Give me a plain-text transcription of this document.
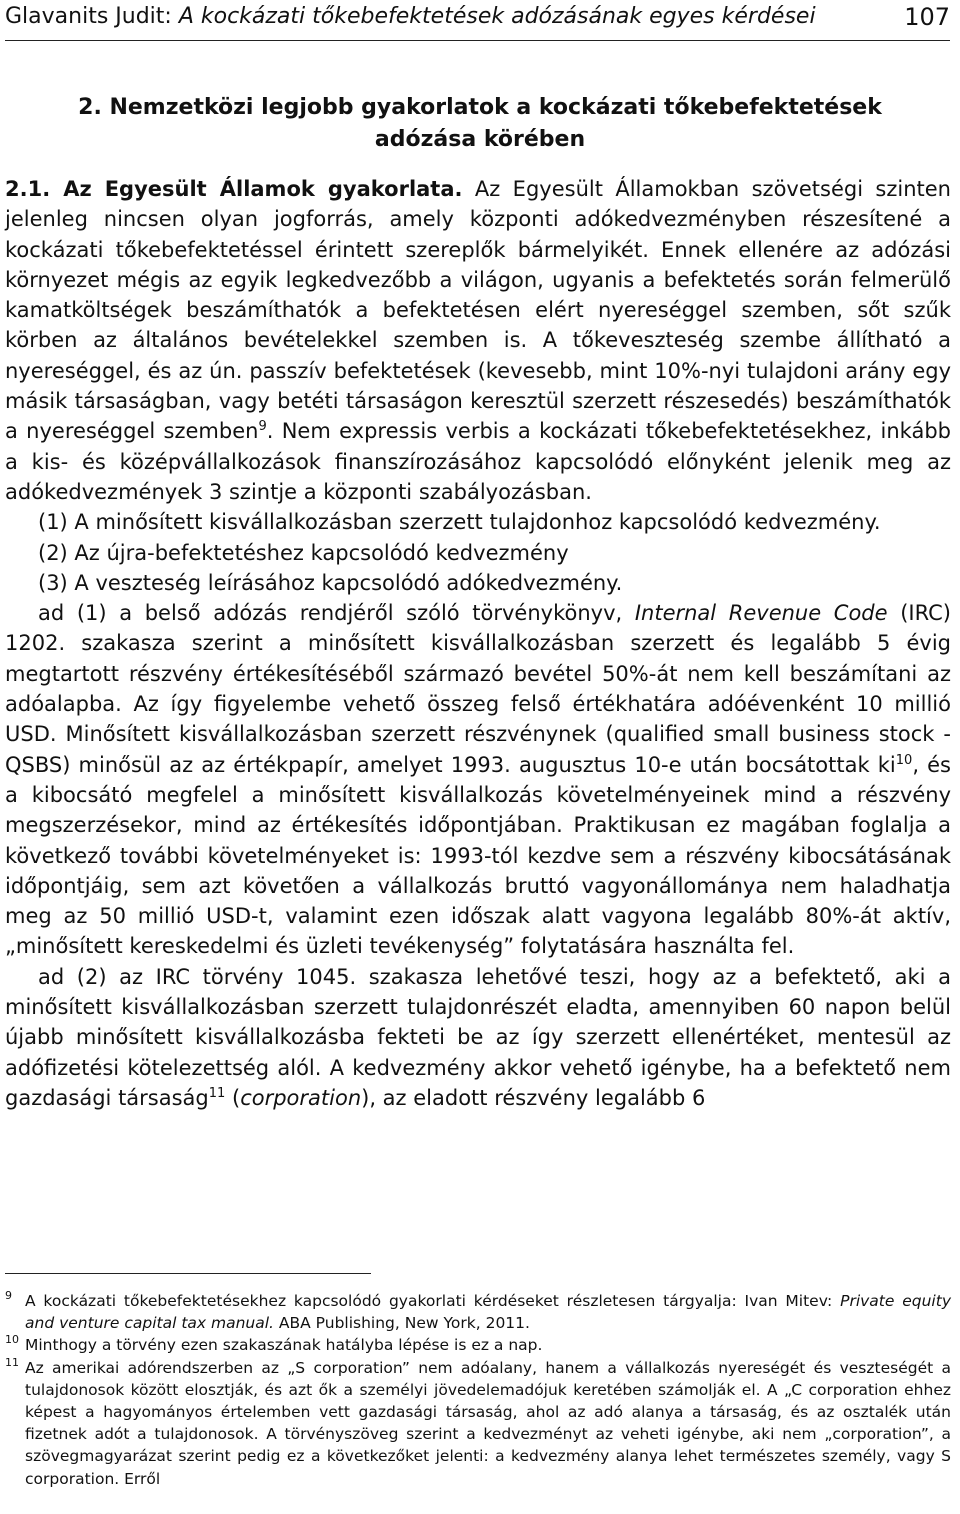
Glavanits Judit: A kockázati tőkebefektetések adózásának egyes kérdései	107
2. Nemzetközi legjobb gyakorlatok a kockázati tőkebefektetések
adózása körében

2.1. Az Egyesült Államok gyakorlata. Az Egyesült Államokban szövetségi szinten jelenleg nincsen olyan jogforrás, amely központi adókedvezményben részesítené a kockázati tőkebefektetéssel érintett szereplők bármelyikét. Ennek ellenére az adózási környezet mégis az egyik legkedvezőbb a világon, ugyanis a befektetés során felmerülő kamatköltségek beszámíthatók a befektetésen elért nyereséggel szemben, sőt szűk körben az általános bevételekkel szemben is. A tőkeveszteség szembe állítható a nyereséggel, és az ún. passzív befektetések (kevesebb, mint 10%-nyi tulajdoni arány egy másik társaságban, vagy betéti társaságon keresztül szerzett részesedés) beszámíthatók a nyereséggel szemben$^9$. Nem expressis verbis a kockázati tőkebefektetésekhez, inkább a kis- és középvállalkozások finanszírozásához kapcsolódó előnyként jelenik meg az adókedvezmények 3 szintje a központi szabályozásban.

(1) A minősített kisvállalkozásban szerzett tulajdonhoz kapcsolódó kedvezmény.

(2) Az újra-befektetéshez kapcsolódó kedvezmény

(3) A veszteség leírásához kapcsolódó adókedvezmény.

ad (1) a belső adózás rendjéről szóló törvénykönyv, Internal Revenue Code (IRC) 1202. szakasza szerint a minősített kisvállalkozásban szerzett és legalább 5 évig megtartott részvény értékesítéséből származó bevétel 50%-át nem kell beszámítani az adóalapba. Az így figyelembe vehető összeg felső értékhatára adóévenként 10 millió USD. Minősített kisvállalkozásban szerzett részvénynek (qualified small business stock - QSBS) minősül az az értékpapír, amelyet 1993. augusztus 10-e után bocsátottak $ki^{10}$, és a kibocsátó megfelel a minősített kisvállalkozás követelményeinek mind a részvény megszerzésekor, mind az értékesítés időpontjában. Praktikusan ez magában foglalja a következő további követelményeket is: 1993-tól kezdve sem a részvény kibocsátásának időpontjáig, sem azt követően a vállalkozás bruttó vagyonállománya nem haladhatja meg az 50 millió USD-t, valamint ezen időszak alatt vagyona legalább 80%-át aktív, „minősített kereskedelmi és üzleti tevékenység” folytatására használta fel.

ad (2) az IRC törvény 1045. szakasza lehetővé teszi, hogy az a befektető, aki a minősített kisvállalkozásban szerzett tulajdonrészét eladta, amennyiben 60 napon belül újabb minősített kisvállalkozásba fekteti be az így szerzett ellenértéket, mentesül az adófizetési kötelezettség alól. A kedvezmény akkor vehető igénybe, ha a befektető nem gazdasági társaság$^{11}$ (corporation), az eladott részvény legalább 6

9 A kockázati tőkebefektetésekhez kapcsolódó gyakorlati kérdéseket részletesen tárgyalja: Ivan Mitev: Private equity and venture capital tax manual. ABA Publishing, New York, 2011.

10 Minthogy a törvény ezen szakaszának hatályba lépése is ez a nap.

11 Az amerikai adórendszerben az „S corporation” nem adóalany, hanem a vállalkozás nyereségét és veszteségét a tulajdonosok között elosztják, és azt ők a személyi jövedelemadójuk keretében számolják el. A „C corporation ehhez képest a hagyományos értelemben vett gazdasági társaság, ahol az adó alanya a társaság, és az osztalék után fizetnek adót a tulajdonosok. A törvényszöveg szerint a kedvezményt az veheti igénybe, aki nem „corporation”, a szövegmagyarázat szerint pedig ez a következőket jelenti: a kedvezmény alanya lehet természetes személy, vagy S corporation. Erről
